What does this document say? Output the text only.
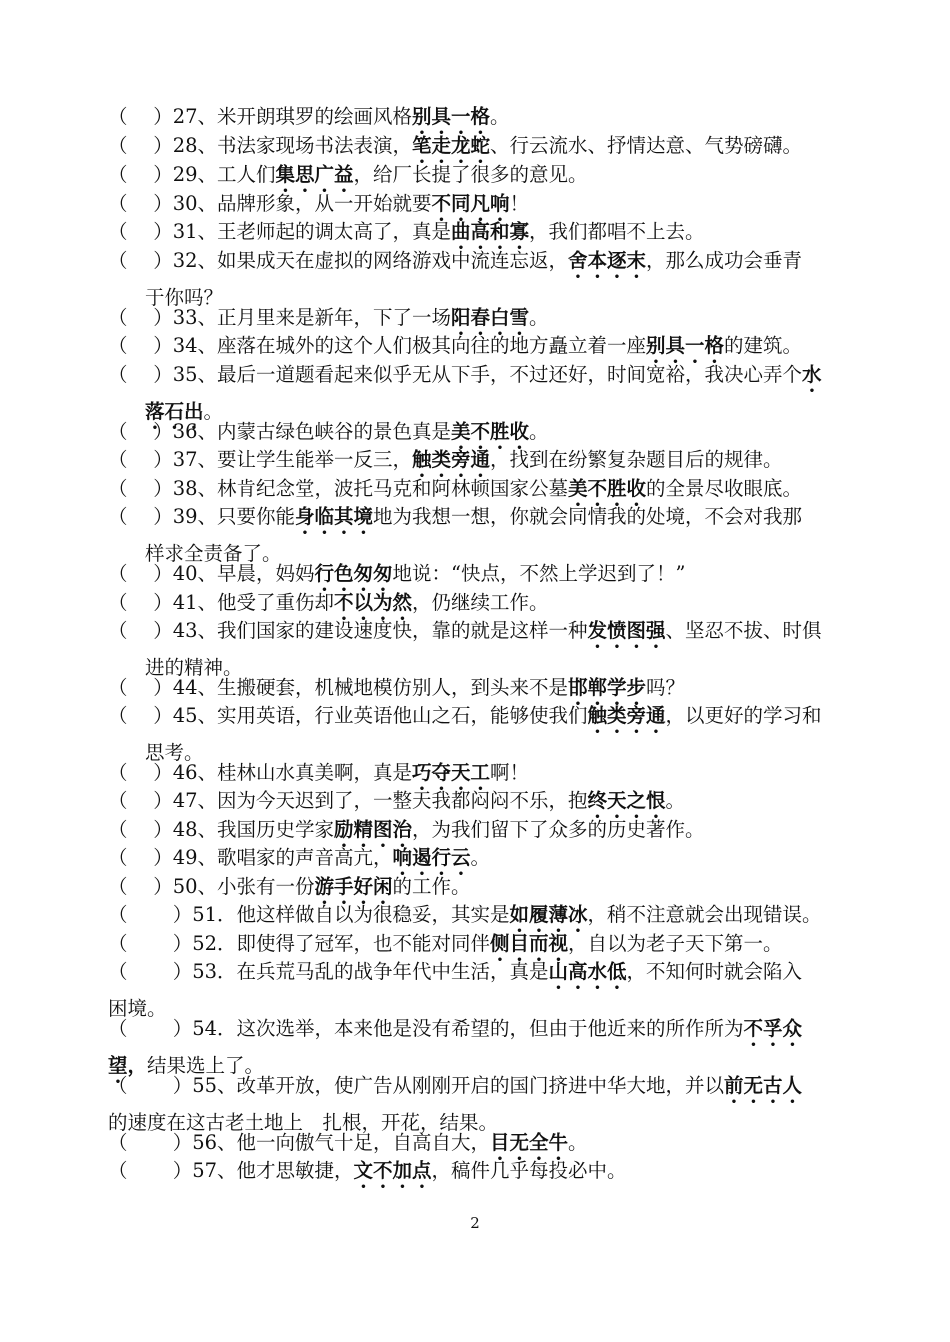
（　 ）27、米开朗琪罗的绘画风格别具一格。
（　 ）28、书法家现场书法表演，笔走龙蛇、行云流水、抒情达意、气势磅礴。
（　 ）29、工人们集思广益，给厂长提了很多的意见。
（　 ）30、品牌形象，从一开始就要不同凡响！
（　 ）31、王老师起的调太高了，真是曲高和寡，我们都唱不上去。
（　 ）32、如果成天在虚拟的网络游戏中流连忘返，舍本逐末，那么成功会垂青
于你吗？
（　 ）33、正月里来是新年，下了一场阳春白雪。
（　 ）34、座落在城外的这个人们极其向往的地方矗立着一座别具一格的建筑。
（　 ）35、最后一道题看起来似乎无从下手，不过还好，时间宽裕，我决心弄个水
落石出。
（　 ）36、内蒙古绿色峡谷的景色真是美不胜收。
（　 ）37、要让学生能举一反三，触类旁通，找到在纷繁复杂题目后的规律。
（　 ）38、林肯纪念堂，波托马克和阿林顿国家公墓美不胜收的全景尽收眼底。
（　 ）39、只要你能身临其境地为我想一想，你就会同情我的处境，不会对我那
样求全责备了。
（　 ）40、早晨，妈妈行色匆匆地说：“快点，不然上学迟到了！”
（　 ）41、他受了重伤却不以为然，仍继续工作。
（　 ）43、我们国家的建设速度快，靠的就是这样一种发愤图强、坚忍不拔、时俱
进的精神。
（　 ）44、生搬硬套，机械地模仿别人，到头来不是邯郸学步吗？
（　 ）45、实用英语，行业英语他山之石，能够使我们触类旁通，以更好的学习和
思考。
（　 ）46、桂林山水真美啊，真是巧夺天工啊！
（　 ）47、因为今天迟到了，一整天我都闷闷不乐，抱终天之恨。
（　 ）48、我国历史学家励精图治，为我们留下了众多的历史著作。
（　 ）49、歌唱家的声音高亢，响遏行云。
（　 ）50、小张有一份游手好闲的工作。
（　　 ）51．他这样做自以为很稳妥，其实是如履薄冰，稍不注意就会出现错误。
（　　 ）52．即使得了冠军，也不能对同伴侧目而视，自以为老子天下第一。
（　　 ）53．在兵荒马乱的战争年代中生活，真是山高水低，不知何时就会陷入
困境。
（　　 ）54．这次选举，本来他是没有希望的，但由于他近来的所作所为不孚众
望，结果选上了。
（　　 ）55、改革开放，使广告从刚刚开启的国门挤进中华大地，并以前无古人
的速度在这古老土地上　扎根，开花，结果。
（　　 ）56、他一向傲气十足，自高自大，目无全牛。
（　　 ）57、他才思敏捷，文不加点，稿件几乎每投必中。
2
